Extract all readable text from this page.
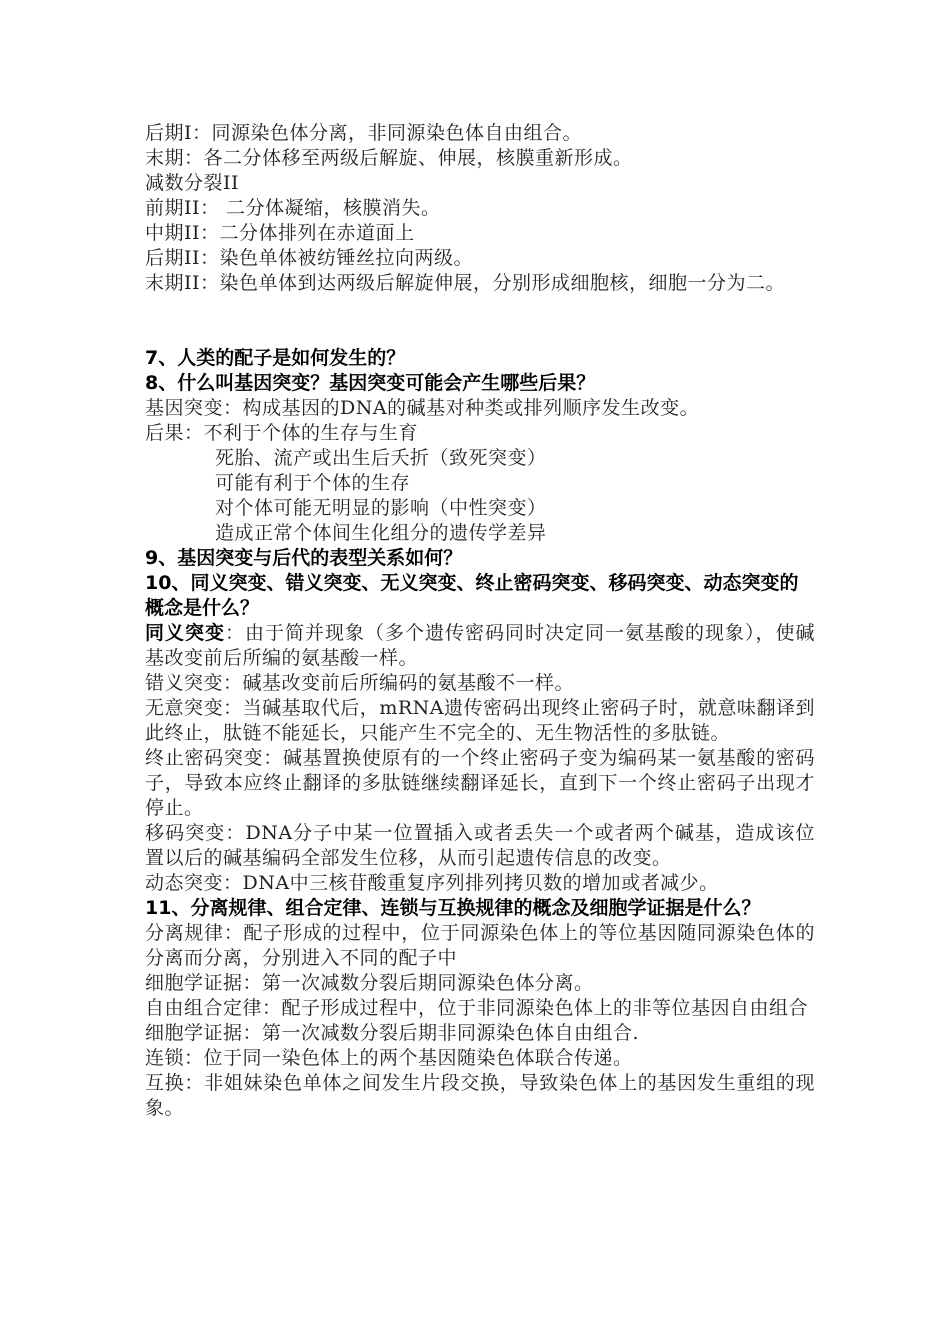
后期I：同源染色体分离，非同源染色体自由组合。
末期：各二分体移至两级后解旋、伸展，核膜重新形成。
减数分裂II
前期II： 二分体凝缩，核膜消失。
中期II：二分体排列在赤道面上
后期II：染色单体被纺锤丝拉向两级。
末期II：染色单体到达两级后解旋伸展，分别形成细胞核，细胞一分为二。
7、人类的配子是如何发生的？
8、什么叫基因突变？基因突变可能会产生哪些后果？
基因突变：构成基因的DNA的碱基对种类或排列顺序发生改变。
后果：不利于个体的生存与生育
死胎、流产或出生后夭折（致死突变）
可能有利于个体的生存
对个体可能无明显的影响（中性突变）
造成正常个体间生化组分的遗传学差异
9、基因突变与后代的表型关系如何？
10、同义突变、错义突变、无义突变、终止密码突变、移码突变、动态突变的概念是什么？
同义突变：由于简并现象（多个遗传密码同时决定同一氨基酸的现象），使碱基改变前后所编的氨基酸一样。
错义突变：碱基改变前后所编码的氨基酸不一样。
无意突变：当碱基取代后，mRNA遗传密码出现终止密码子时，就意味翻译到此终止，肽链不能延长，只能产生不完全的、无生物活性的多肽链。
终止密码突变：碱基置换使原有的一个终止密码子变为编码某一氨基酸的密码子，导致本应终止翻译的多肽链继续翻译延长，直到下一个终止密码子出现才停止。
移码突变：DNA分子中某一位置插入或者丢失一个或者两个碱基，造成该位置以后的碱基编码全部发生位移，从而引起遗传信息的改变。
动态突变：DNA中三核苷酸重复序列排列拷贝数的增加或者减少。
11、分离规律、组合定律、连锁与互换规律的概念及细胞学证据是什么？
分离规律：配子形成的过程中，位于同源染色体上的等位基因随同源染色体的分离而分离，分别进入不同的配子中
细胞学证据：第一次减数分裂后期同源染色体分离。
自由组合定律：配子形成过程中，位于非同源染色体上的非等位基因自由组合
细胞学证据：第一次减数分裂后期非同源染色体自由组合.
连锁：位于同一染色体上的两个基因随染色体联合传递。
互换：非姐妹染色单体之间发生片段交换，导致染色体上的基因发生重组的现象。
